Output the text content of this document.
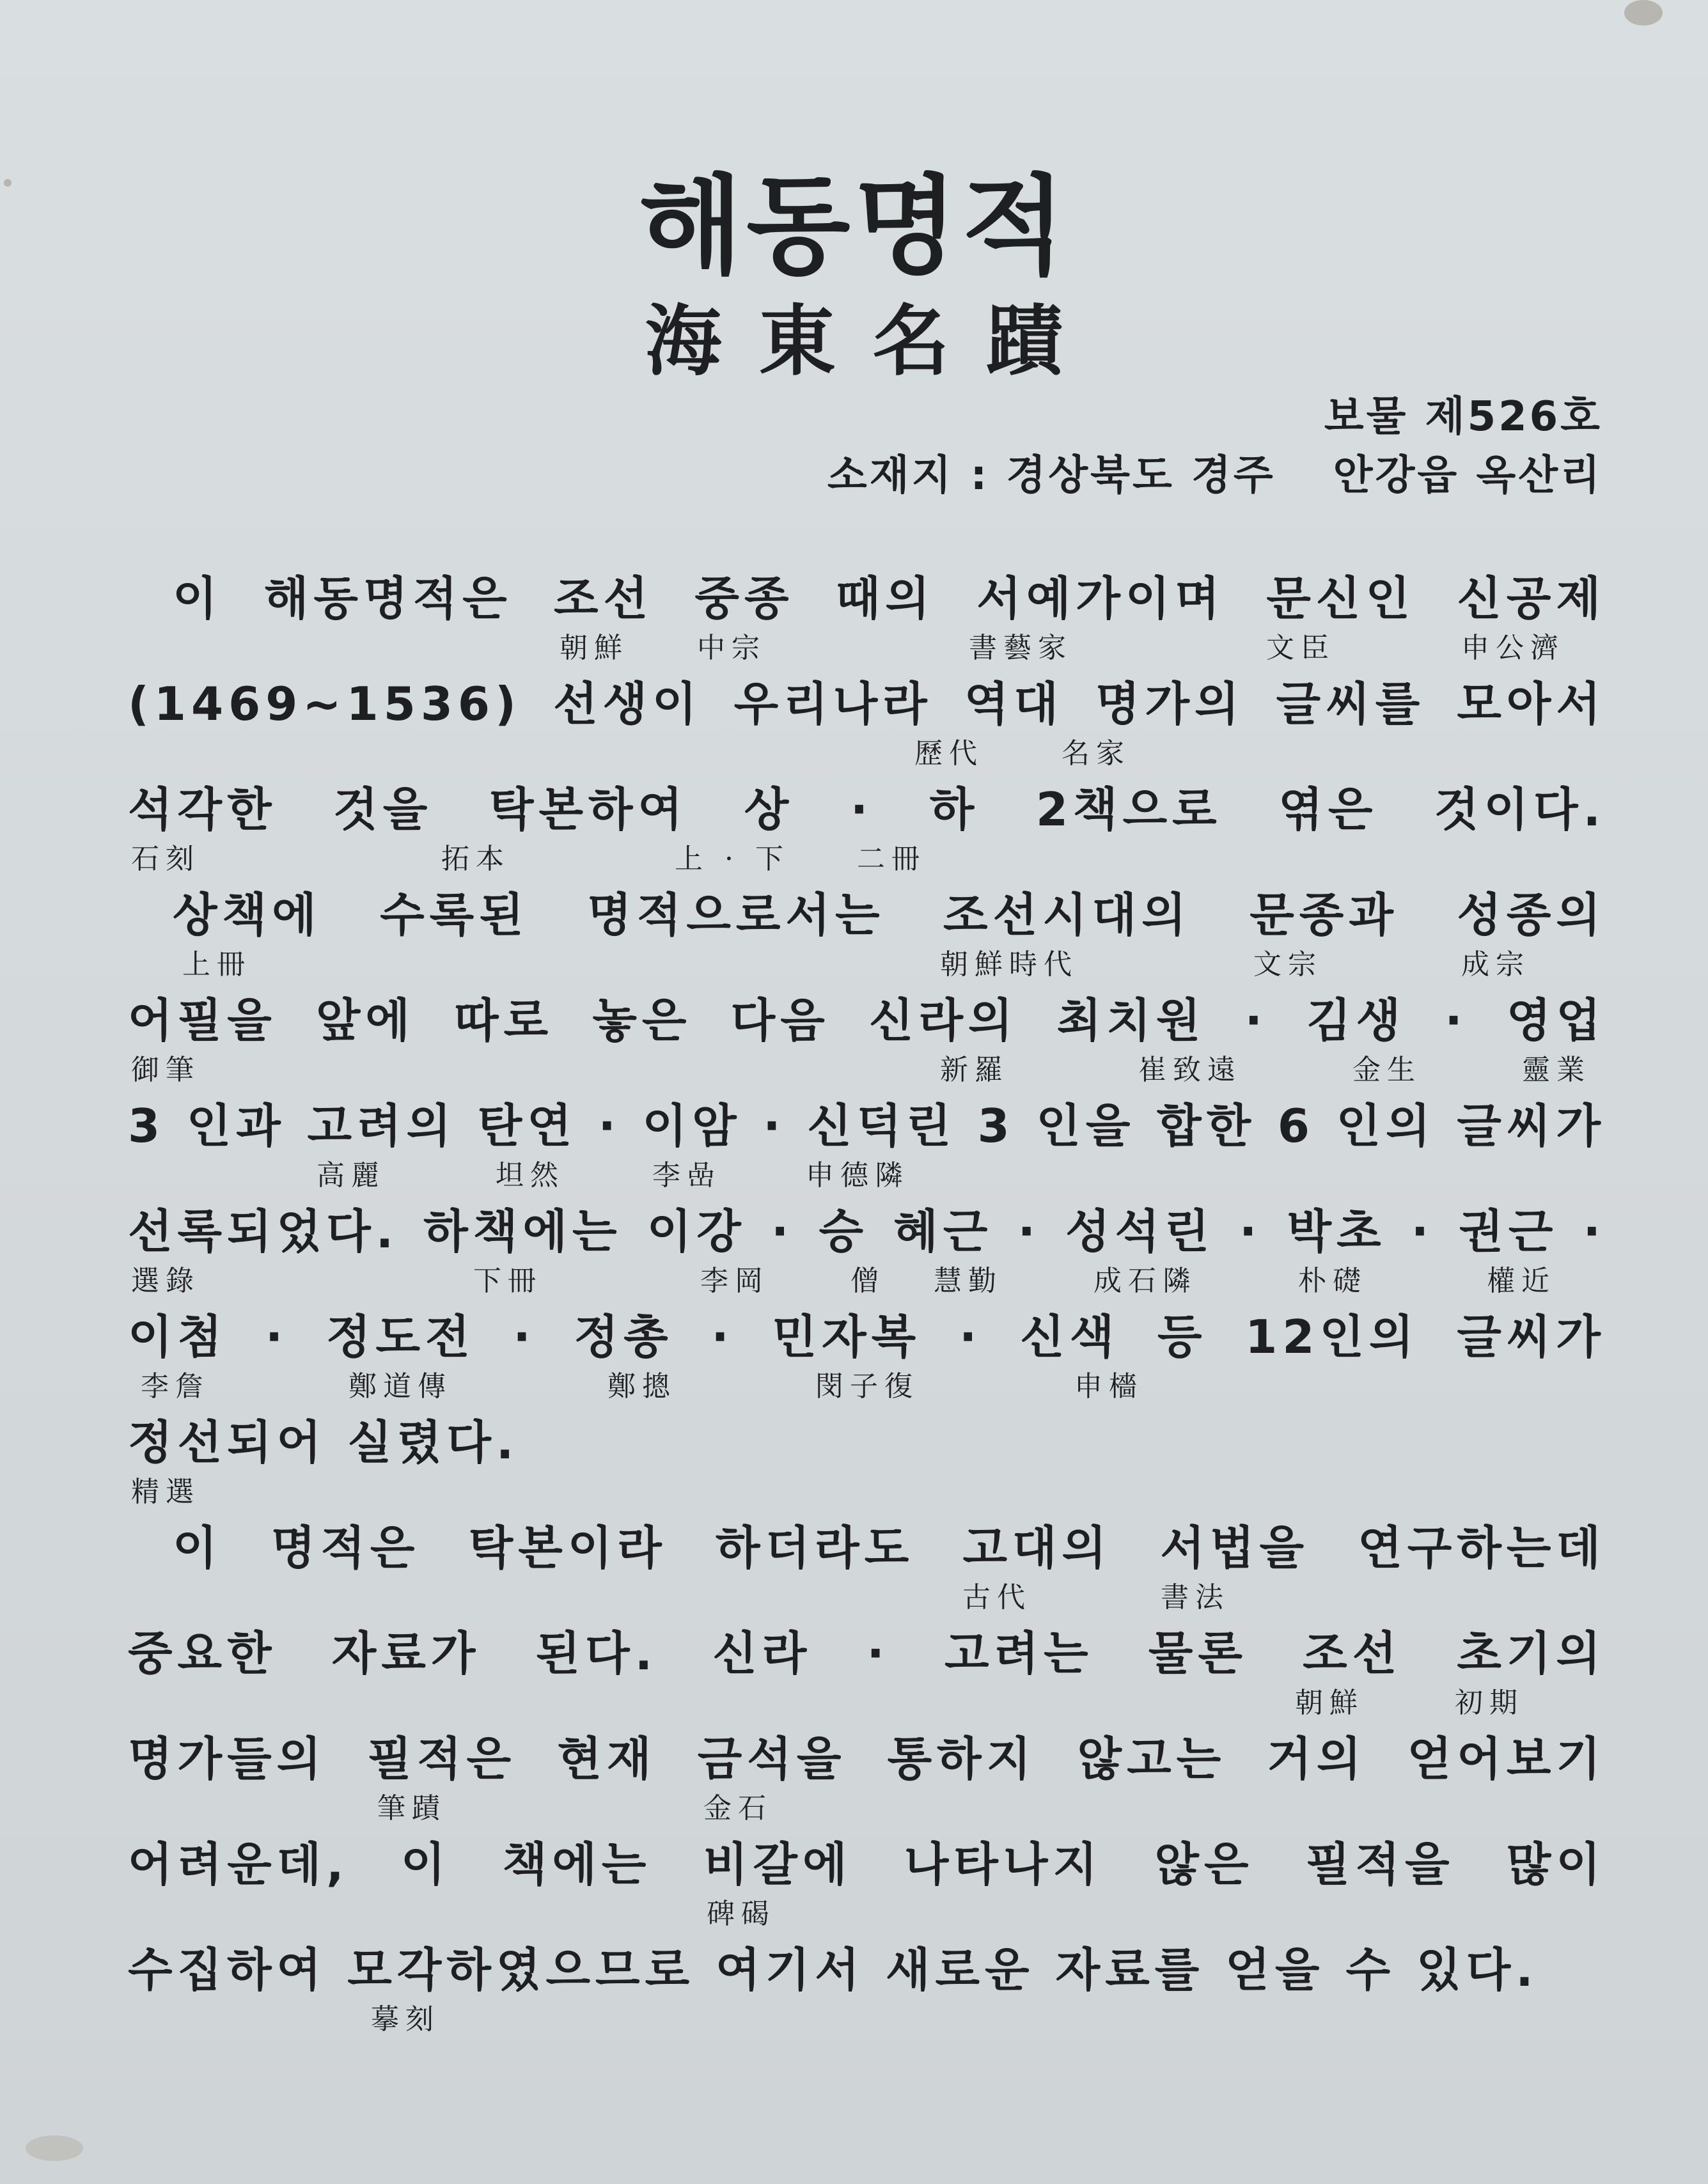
해동명적
海東名蹟
보물 제526호
소재지 : 경상북도 경주 안강읍 옥산리
이 해동명적은 조선 중종 때의 서예가이며 문신인 신공제
朝鮮 中宗	書藝家	文臣	申公濟
(1469~1536) 선생이 우리나라 역대 명가의 글씨를 모아서
歷代	名家
석각한 것을 탁본하여 상 · 하 2책으로 엮은 것이다.
石刻	拓本	上 · 下 二冊
상책에 수록된 명적으로서는 조선시대의 문종과 성종의
上冊	朝鮮時代	文宗	成宗
어필을 앞에 따로 놓은 다음 신라의 최치원 · 김생 · 영업
御筆	新羅	崔致遠	金生	靈業
3 인과 고려의 탄연 · 이암 · 신덕린 3 인을 합한 6 인의 글씨가
高麗	坦然	李嵒	申德隣
선록되었다. 하책에는 이강 · 승 혜근 · 성석린 · 박초 · 권근 ·
選錄	下冊	李岡	僧 慧勤	成石隣	朴礎	權近
이첨 · 정도전 · 정총 · 민자복 · 신색 등 12인의 글씨가
李詹	鄭道傳	鄭摠	閔子復	申檣
정선되어 실렸다.
精選
이 명적은 탁본이라 하더라도 고대의 서법을 연구하는데
古代	書法
중요한 자료가 된다. 신라 · 고려는 물론 조선 초기의
朝鮮	初期
명가들의 필적은 현재 금석을 통하지 않고는 거의 얻어보기
筆蹟	金石
어려운데, 이 책에는 비갈에 나타나지 않은 필적을 많이
碑碣
수집하여 모각하였으므로 여기서 새로운 자료를 얻을 수 있다.
摹刻
